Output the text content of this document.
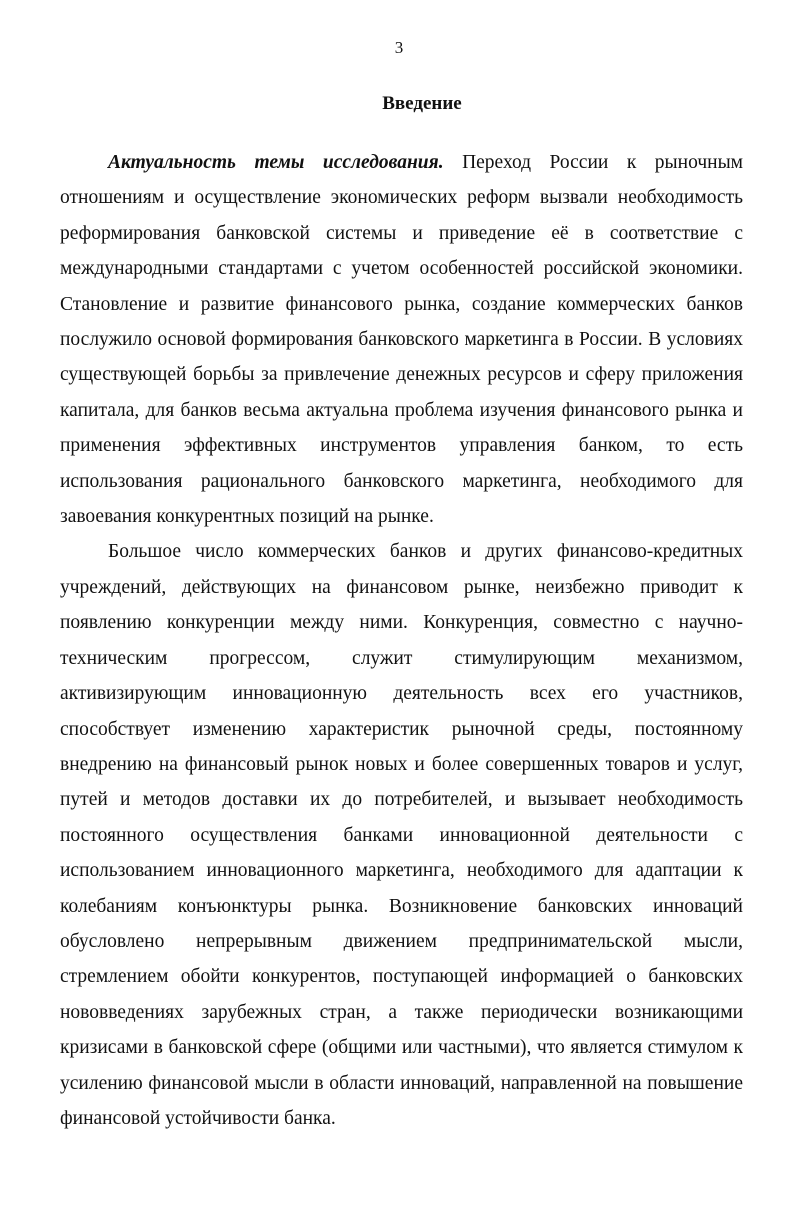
3
Введение

Актуальность темы исследования. Переход России к рыночным отношениям и осуществление экономических реформ вызвали необходимость реформирования банковской системы и приведение её в соответствие с международными стандартами с учетом особенностей российской экономики. Становление и развитие финансового рынка, создание коммерческих банков послужило основой формирования банковского маркетинга в России. В условиях существующей борьбы за привлечение денежных ресурсов и сферу приложения капитала, для банков весьма актуальна проблема изучения финансового рынка и применения эффективных инструментов управления банком, то есть использования рационального банковского маркетинга, необходимого для завоевания конкурентных позиций на рынке.

Большое число коммерческих банков и других финансово-кредитных учреждений, действующих на финансовом рынке, неизбежно приводит к появлению конкуренции между ними. Конкуренция, совместно с научно-техническим прогрессом, служит стимулирующим механизмом, активизирующим инновационную деятельность всех его участников, способствует изменению характеристик рыночной среды, постоянному внедрению на финансовый рынок новых и более совершенных товаров и услуг, путей и методов доставки их до потребителей, и вызывает необходимость постоянного осуществления банками инновационной деятельности с использованием инновационного маркетинга, необходимого для адаптации к колебаниям конъюнктуры рынка. Возникновение банковских инноваций обусловлено непрерывным движением предпринимательской мысли, стремлением обойти конкурентов, поступающей информацией о банковских нововведениях зарубежных стран, а также периодически возникающими кризисами в банковской сфере (общими или частными), что является стимулом к усилению финансовой мысли в области инноваций, направленной на повышение финансовой устойчивости банка.
